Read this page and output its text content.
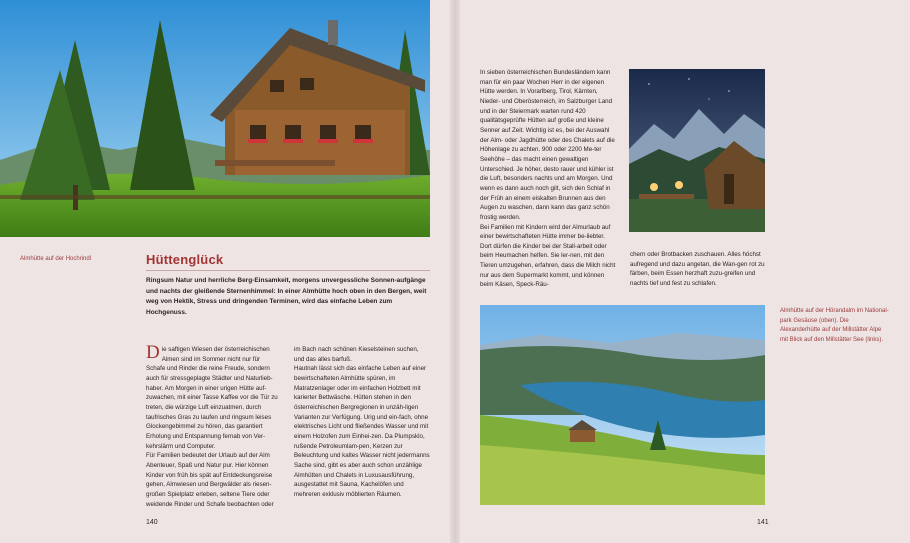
Almhütte auf der Hochrindl	Hüttenglück
Ringsum Natur und herrliche Berg-Einsamkeit, morgens unvergessliche Sonnen-aufgänge und nachts der gleißende Sternenhimmel: In einer Almhütte hoch oben in den Bergen, weit weg von Hektik, Stress und dringenden Terminen, wird das einfache Leben zum Hochgenuss.

Die saftigen Wiesen der österreichischen Almen sind im Sommer nicht nur für Schafe und Rinder die reine Freude, sondern auch für stressgeplagte Städter und Naturlieb-haber. Am Morgen in einer urigen Hütte auf-zuwachen, mit einer Tasse Kaffee vor die Tür zu treten, die würzige Luft einzuatmen, durch taufrisches Gras zu laufen und ringsum leises Glockengebimmel zu hören, das garantiert Erholung und Entspannung fernab von Ver-kehrslärm und Computer.

Für Familien bedeutet der Urlaub auf der Alm Abenteuer, Spaß und Natur pur. Hier können Kinder von früh bis spät auf Entdeckungsreise gehen, Almwiesen und Bergwälder als riesen-großen Spielplatz erleben, seltene Tiere oder weidende Rinder und Schafe beobachten oder

im Bach nach schönen Kieselsteinen suchen, und das alles barfuß.

Hautnah lässt sich das einfache Leben auf einer bewirtschafteten Almhütte spüren, im Matratzenlager oder im einfachen Holzbett mit karierter Bettwäsche. Hütten stehen in den österreichischen Bergregionen in unzäh-ligen Varianten zur Verfügung. Urig und ein-fach, ohne elektrisches Licht und fließendes Wasser und mit einem Holzofen zum Einhei-zen. Da Plumpsklo, rußende Petroleumlam-pen, Kerzen zur Beleuchtung und kaltes Wasser nicht jedermanns Sache sind, gibt es aber auch schon unzählige Almhütten und Chalets in Luxusausführung, ausgestattet mit Sauna, Kachelöfen und mehreren exklusiv möblierten Räumen.

140

In sieben österreichischen Bundesländern kann man für ein paar Wochen Herr in der eigenen Hütte werden. In Vorarlberg, Tirol, Kärnten, Nieder- und Oberösterreich, im Salzburger Land und in der Steiermark warten rund 420 qualitätsgeprüfte Hütten auf große und kleine Senner auf Zeit. Wichtig ist es, bei der Auswahl der Alm- oder Jagdhütte oder des Chalets auf die Höhenlage zu achten. 900 oder 2200 Me-ter Seehöhe – das macht einen gewaltigen Unterschied. Je höher, desto rauer und kühler ist die Luft, besonders nachts und am Morgen. Und wenn es dann auch noch gilt, sich den Schlaf in der Früh an einem eiskalten Brunnen aus den Augen zu waschen, dann kann das ganz schön frostig werden.

Bei Familien mit Kindern wird der Almurlaub auf einer bewirtschafteten Hütte immer be-liebter. Dort dürfen die Kinder bei der Stall-arbeit oder beim Heumachen helfen. Sie ler-nen, mit den Tieren umzugehen, erfahren, dass die Milch nicht nur aus dem Supermarkt kommt, und können beim Käsen, Speck-Räu-

chern oder Brotbacken zuschauen. Alles höchst aufregend und dazu angetan, die Wan-gen rot zu färben, beim Essen herzhaft zuzu-greifen und nachts tief und fest zu schlafen.

Almhütte auf der Hörandalm im National-park Gesäuse (oben). Die Alexanderhütte auf der Millstätter Alpe mit Blick auf den Millstätter See (links).
141
